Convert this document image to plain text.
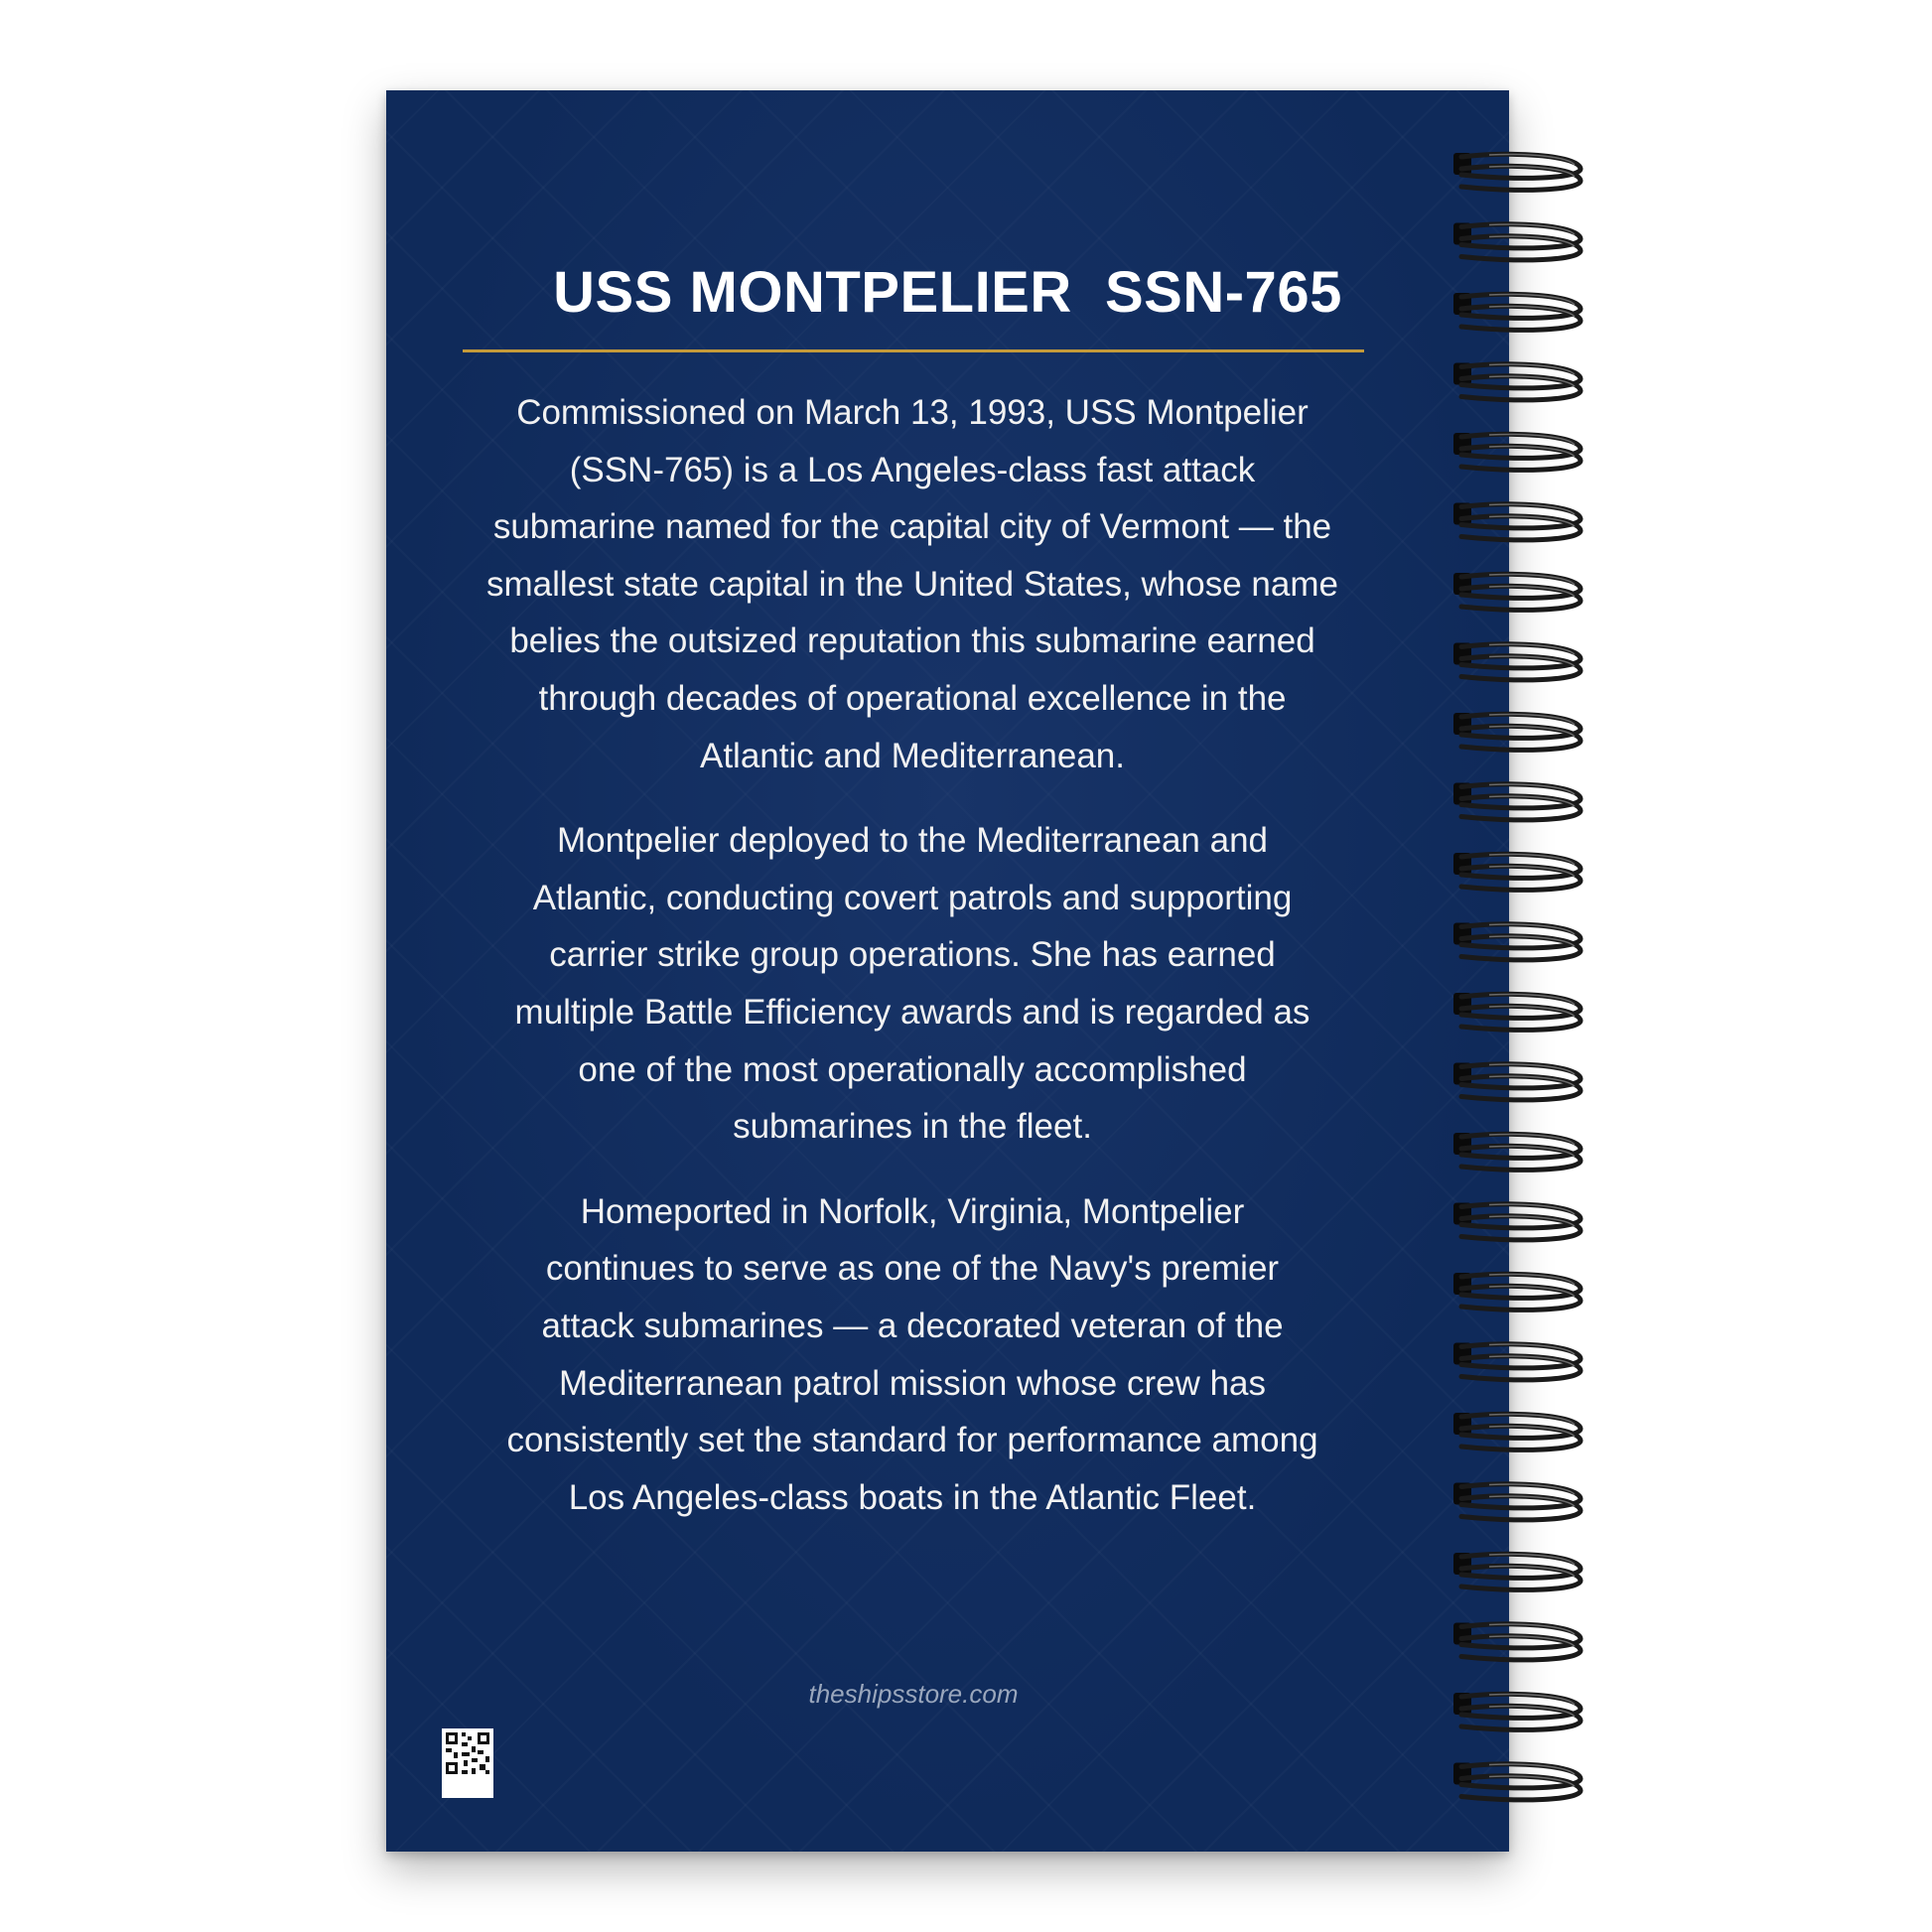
USS MONTPELIER  SSN-765

Commissioned on March 13, 1993, USS Montpelier (SSN-765) is a Los Angeles-class fast attack submarine named for the capital city of Vermont — the smallest state capital in the United States, whose name belies the outsized reputation this submarine earned through decades of operational excellence in the Atlantic and Mediterranean.

Montpelier deployed to the Mediterranean and Atlantic, conducting covert patrols and supporting carrier strike group operations. She has earned multiple Battle Efficiency awards and is regarded as one of the most operationally accomplished submarines in the fleet.

Homeported in Norfolk, Virginia, Montpelier continues to serve as one of the Navy's premier attack submarines — a decorated veteran of the Mediterranean patrol mission whose crew has consistently set the standard for performance among Los Angeles-class boats in the Atlantic Fleet.

theshipsstore.com
